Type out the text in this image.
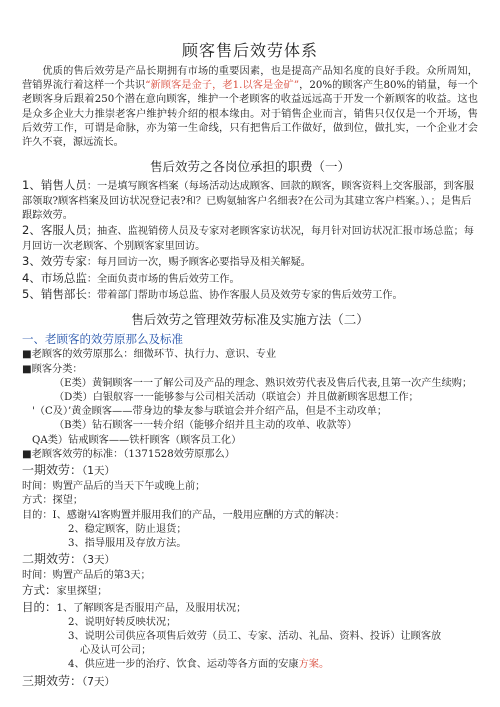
顾客售后效劳体系

优质的售后效劳是产品长期拥有市场的重要因素，也是提高产品知名度的良好手段。众所周知，营销界流行着这样一个共识“新顾客是金子，老1.以客是金矿”，20%的顾客产生80%的销量，每一个老顾客身后跟着250个潜在意向顾客，维护一个老顾客的收益远远高于开发一个新顾客的收益。这也是众多企业大力推崇老客户维护转介绍的根本缘由。对于销售企业而言，销售只仅仅是一个开场，售后效劳工作，可谓是命脉，亦为第一生命线，只有把售后工作做好，做到位，做扎实，一个企业才会许久不衰，源远流长。

售后效劳之各岗位承担的职费（一）
1、销售人员：一是填写顾客档案（每场活动达成顾客、回款的顾客，顾客资料上交客服部，到客服部领取?顾客档案及回访状况登记表?和？已购氨轴客户名细表?在公司为其建立客户档案。）、；是售后跟踪效劳。
2、客服人员；抽查、监视销傍人员及专家对老顾客家访状况，每月针对回访状况汇报市场总监；每月回访一次老顾客、个别顾客家里回访。
3、效劳专家：每月回访一次，赐予顾客必要指导及相关解疑。
4、市场总监：全面负责市场的售后效劳工作。
5、销售部长：带着部门帮助市场总监、协作客服人员及效劳专家的售后效劳工作。
售后效劳之管理效劳标准及实施方法（二）
一、老顾客的效劳原那么及标准

■老顾客的效劳原那么：细微环节、执行力、意识、专业

■顾客分类：

（E类）黄铜顾客一一了解公司及产品的理念、熟识效劳代表及售后代表,且第一次产生续购；

（D类）白银舣容一一能够参与公司相关活动（联谊会）并且做新顾客思想工作；

'（C及）’黄金顾客——带身边的挚友参与联谊会并介绍产品，但是不主动攻单；

（B类）钻石顾客一一转介绍（能够介绍并且主动的攻单、收款等）

QA类）钻戒顾客——铁杆顾客（顾客员工化）

■老顾客效劳的标准：（1371528效劳原那么）

一期效劳：（1天）

时间：购置产品后的当天下午或晚上前；

方式：探望；

目的：I、感谢¼l客购置并服用我们的产品，一般用应酬的方式的解决：

2、稳定顾客，防止退货；

3、指导服用及存放方法。

二期效劳：（3天）

时间：购置产品后的第3天；

方式：家里探望；

目的：1、了解顾客是否服用产品，及服用状况；

2、说明好转反映状况；

3、说明公司供应各项售后效劳（员工、专家、活动、礼品、资料、投诉）让顾客放

心及认可公司；

4、供应进一步的治疗、饮食、运动等各方面的安康方案。

三期效劳：（7天）
